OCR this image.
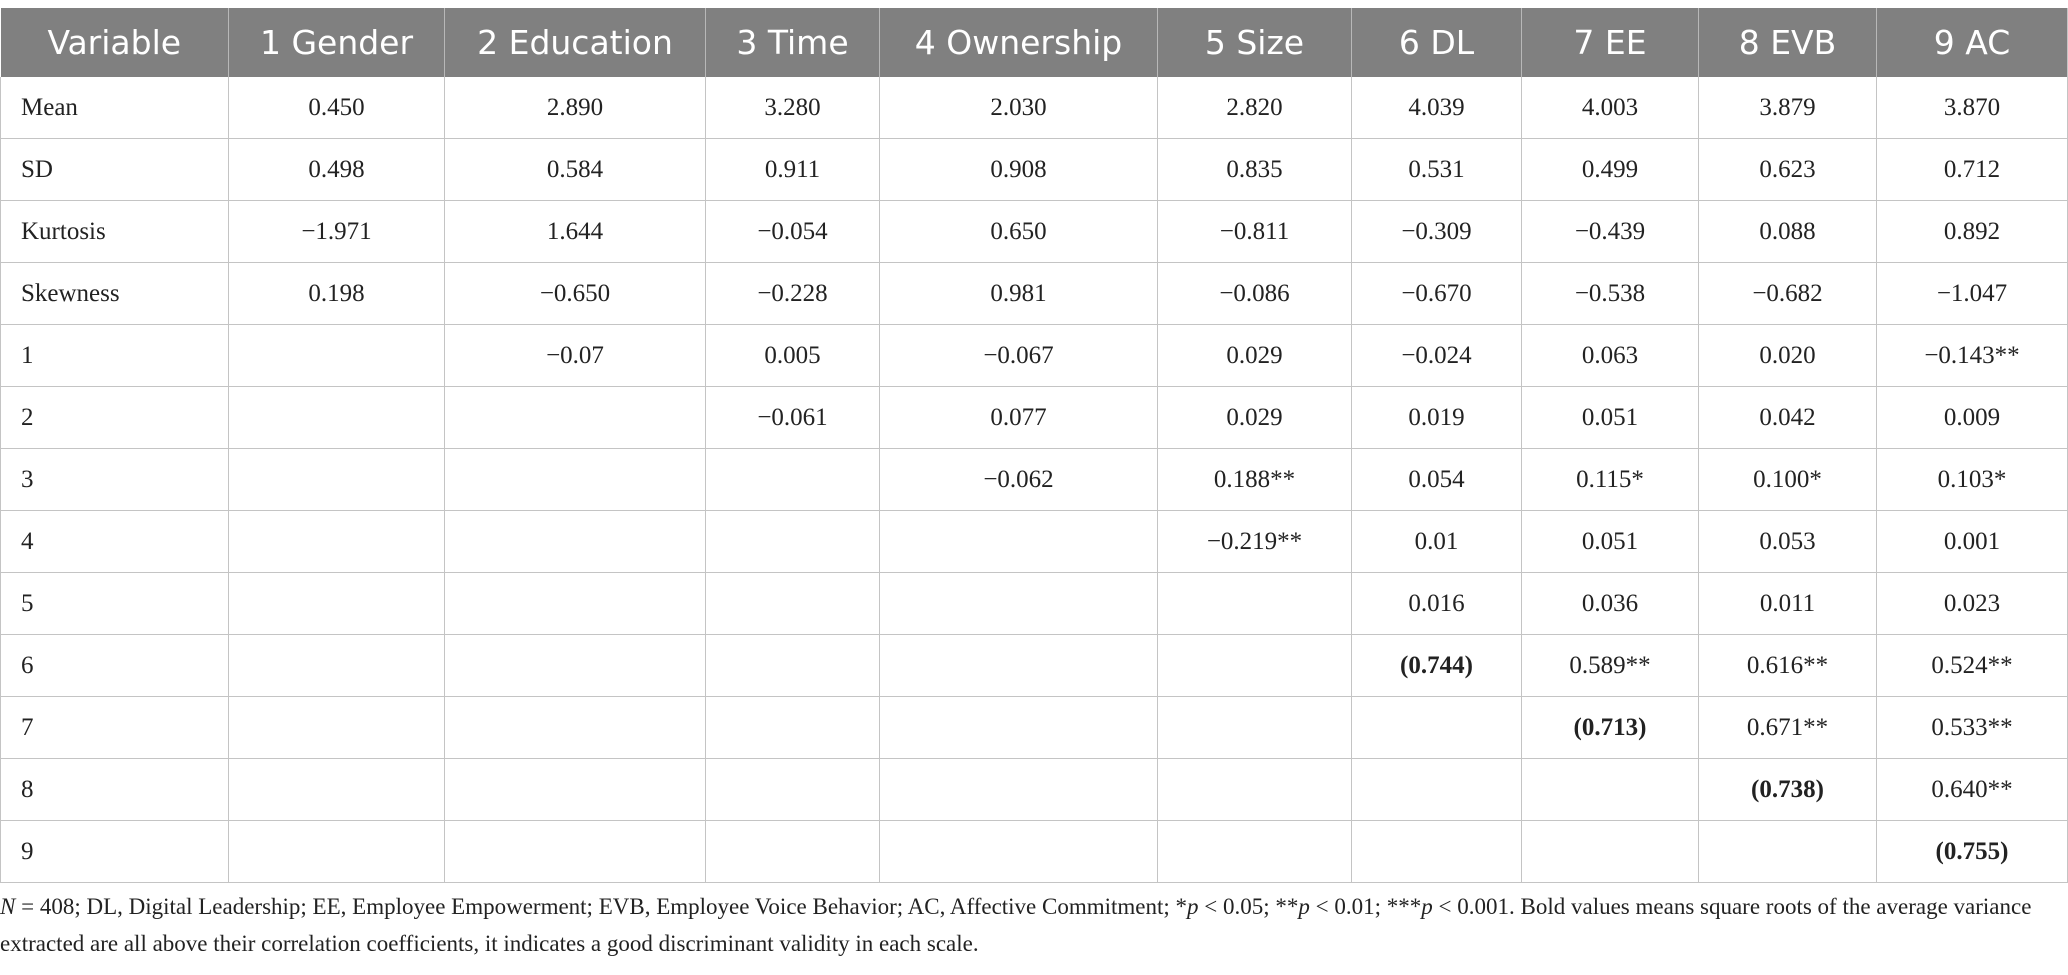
Variable	1 Gender	2 Education	3 Time	4 Ownership	5 Size	6 DL	7 EE	8 EVB	9 AC
Mean	0.450	2.890	3.280	2.030	2.820	4.039	4.003	3.879	3.870
SD	0.498	0.584	0.911	0.908	0.835	0.531	0.499	0.623	0.712
Kurtosis	−1.971	1.644	−0.054	0.650	−0.811	−0.309	−0.439	0.088	0.892
Skewness	0.198	−0.650	−0.228	0.981	−0.086	−0.670	−0.538	−0.682	−1.047
1		−0.07	0.005	−0.067	0.029	−0.024	0.063	0.020	−0.143**
2			−0.061	0.077	0.029	0.019	0.051	0.042	0.009
3				−0.062	0.188**	0.054	0.115*	0.100*	0.103*
4					−0.219**	0.01	0.051	0.053	0.001
5						0.016	0.036	0.011	0.023
6						(0.744)	0.589**	0.616**	0.524**
7							(0.713)	0.671**	0.533**
8								(0.738)	0.640**
9									(0.755)
N = 408; DL, Digital Leadership; EE, Employee Empowerment; EVB, Employee Voice Behavior; AC, Affective Commitment; *p < 0.05; **p < 0.01; ***p < 0.001. Bold values means square roots of the average variance extracted are all above their correlation coefficients, it indicates a good discriminant validity in each scale.
